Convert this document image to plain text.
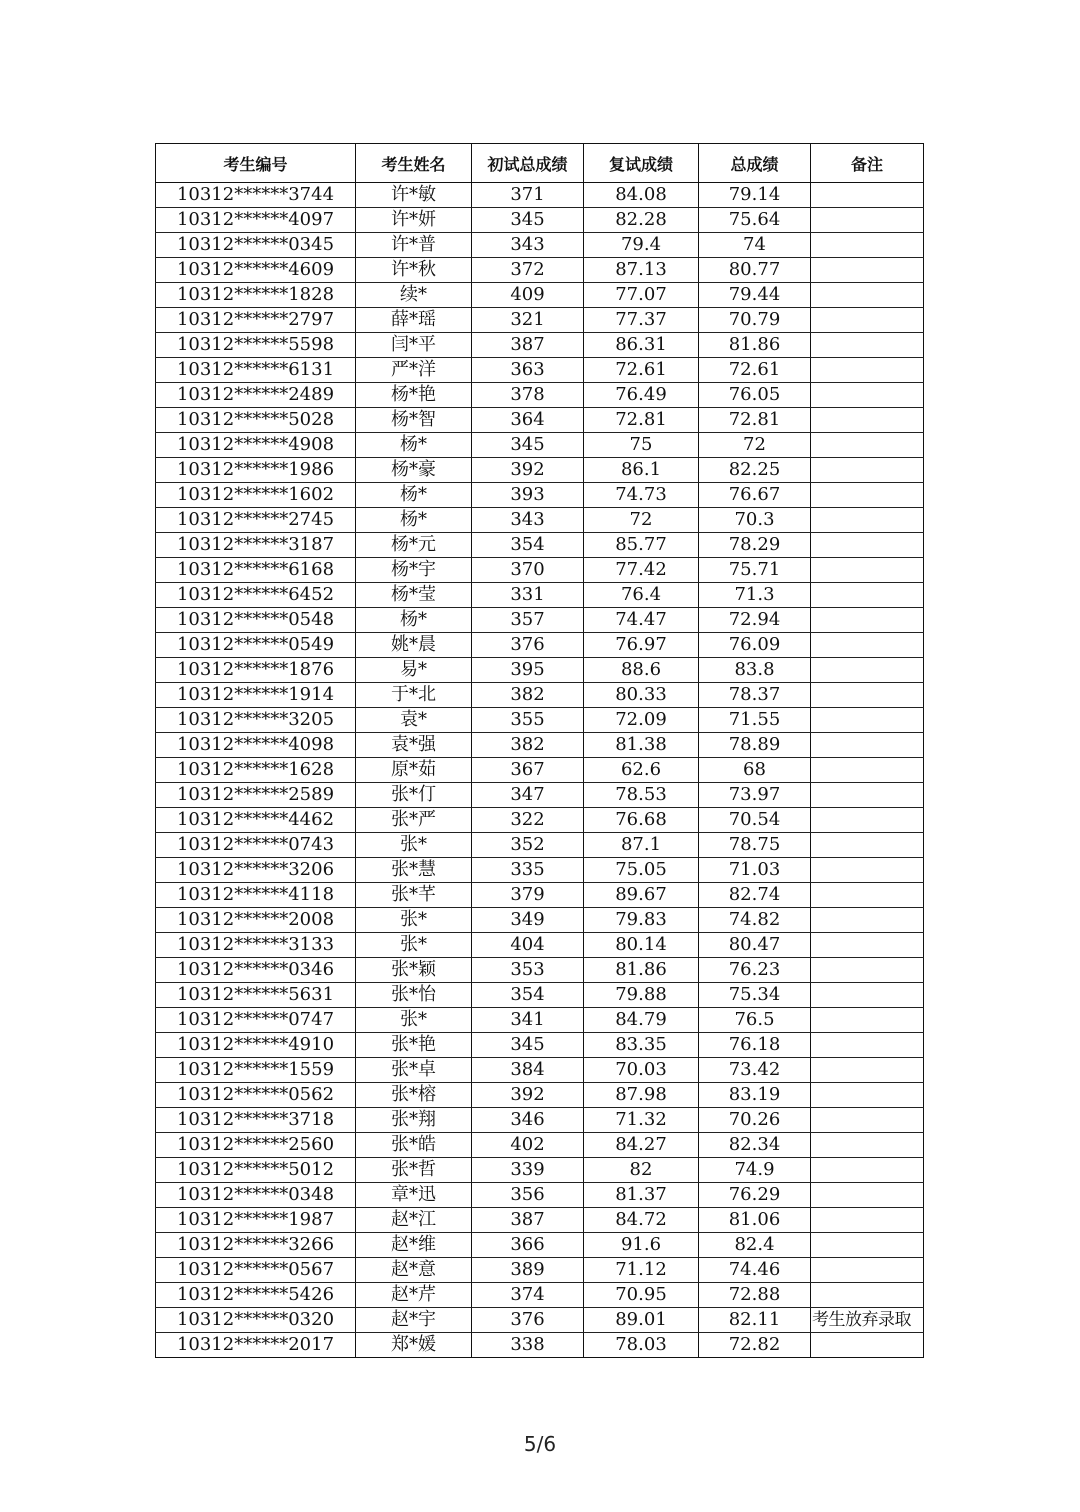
考生编号	考生姓名	初试总成绩	复试成绩	总成绩	备注
10312******3744	许*敏	371	84.08	79.14	
10312******4097	许*妍	345	82.28	75.64	
10312******0345	许*普	343	79.4	74	
10312******4609	许*秋	372	87.13	80.77	
10312******1828	续*	409	77.07	79.44	
10312******2797	薛*瑶	321	77.37	70.79	
10312******5598	闫*平	387	86.31	81.86	
10312******6131	严*洋	363	72.61	72.61	
10312******2489	杨*艳	378	76.49	76.05	
10312******5028	杨*智	364	72.81	72.81	
10312******4908	杨*	345	75	72	
10312******1986	杨*豪	392	86.1	82.25	
10312******1602	杨*	393	74.73	76.67	
10312******2745	杨*	343	72	70.3	
10312******3187	杨*元	354	85.77	78.29	
10312******6168	杨*宇	370	77.42	75.71	
10312******6452	杨*莹	331	76.4	71.3	
10312******0548	杨*	357	74.47	72.94	
10312******0549	姚*晨	376	76.97	76.09	
10312******1876	易*	395	88.6	83.8	
10312******1914	于*北	382	80.33	78.37	
10312******3205	袁*	355	72.09	71.55	
10312******4098	袁*强	382	81.38	78.89	
10312******1628	原*茹	367	62.6	68	
10312******2589	张*仃	347	78.53	73.97	
10312******4462	张*严	322	76.68	70.54	
10312******0743	张*	352	87.1	78.75	
10312******3206	张*慧	335	75.05	71.03	
10312******4118	张*芊	379	89.67	82.74	
10312******2008	张*	349	79.83	74.82	
10312******3133	张*	404	80.14	80.47	
10312******0346	张*颖	353	81.86	76.23	
10312******5631	张*怡	354	79.88	75.34	
10312******0747	张*	341	84.79	76.5	
10312******4910	张*艳	345	83.35	76.18	
10312******1559	张*卓	384	70.03	73.42	
10312******0562	张*榕	392	87.98	83.19	
10312******3718	张*翔	346	71.32	70.26	
10312******2560	张*皓	402	84.27	82.34	
10312******5012	张*哲	339	82	74.9	
10312******0348	章*迅	356	81.37	76.29	
10312******1987	赵*江	387	84.72	81.06	
10312******3266	赵*维	366	91.6	82.4	
10312******0567	赵*意	389	71.12	74.46	
10312******5426	赵*芹	374	70.95	72.88	
10312******0320	赵*宇	376	89.01	82.11	考生放弃录取
10312******2017	郑*媛	338	78.03	72.82	
5/6
